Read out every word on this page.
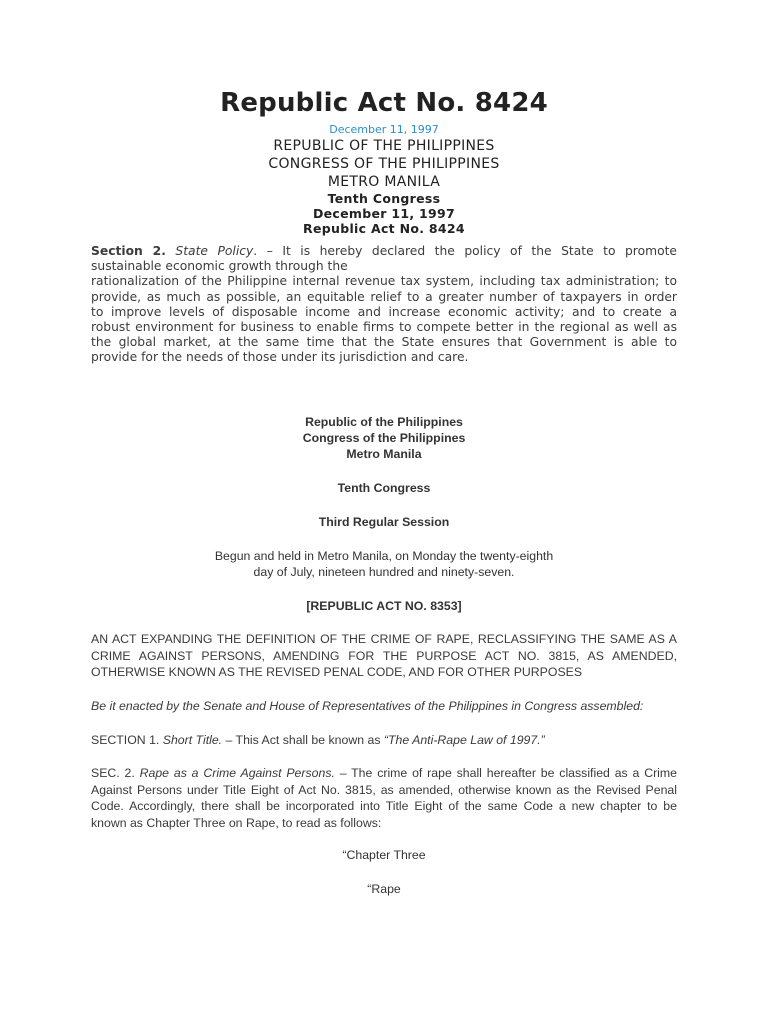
Republic Act No. 8424
December 11, 1997
REPUBLIC OF THE PHILIPPINES
CONGRESS OF THE PHILIPPINES
METRO MANILA
Tenth Congress
December 11, 1997
Republic Act No. 8424
Section 2. State Policy. – It is hereby declared the policy of the State to promote
sustainable economic growth through the
rationalization of the Philippine internal revenue tax system, including tax administration; to
provide, as much as possible, an equitable relief to a greater number of taxpayers in order
to improve levels of disposable income and increase economic activity; and to create a
robust environment for business to enable firms to compete better in the regional as well as
the global market, at the same time that the State ensures that Government is able to
provide for the needs of those under its jurisdiction and care.
Republic of the Philippines
Congress of the Philippines
Metro Manila
Tenth Congress
Third Regular Session
Begun and held in Metro Manila, on Monday the twenty-eighth
day of July, nineteen hundred and ninety-seven.
[REPUBLIC ACT NO. 8353]
AN ACT EXPANDING THE DEFINITION OF THE CRIME OF RAPE, RECLASSIFYING THE SAME AS A
CRIME AGAINST PERSONS, AMENDING FOR THE PURPOSE ACT NO. 3815, AS AMENDED,
OTHERWISE KNOWN AS THE REVISED PENAL CODE, AND FOR OTHER PURPOSES
Be it enacted by the Senate and House of Representatives of the Philippines in Congress assembled:
SECTION 1. Short Title. – This Act shall be known as “The Anti-Rape Law of 1997.”
SEC. 2. Rape as a Crime Against Persons. – The crime of rape shall hereafter be classified as a Crime
Against Persons under Title Eight of Act No. 3815, as amended, otherwise known as the Revised Penal
Code. Accordingly, there shall be incorporated into Title Eight of the same Code a new chapter to be
known as Chapter Three on Rape, to read as follows:
“Chapter Three
“Rape
